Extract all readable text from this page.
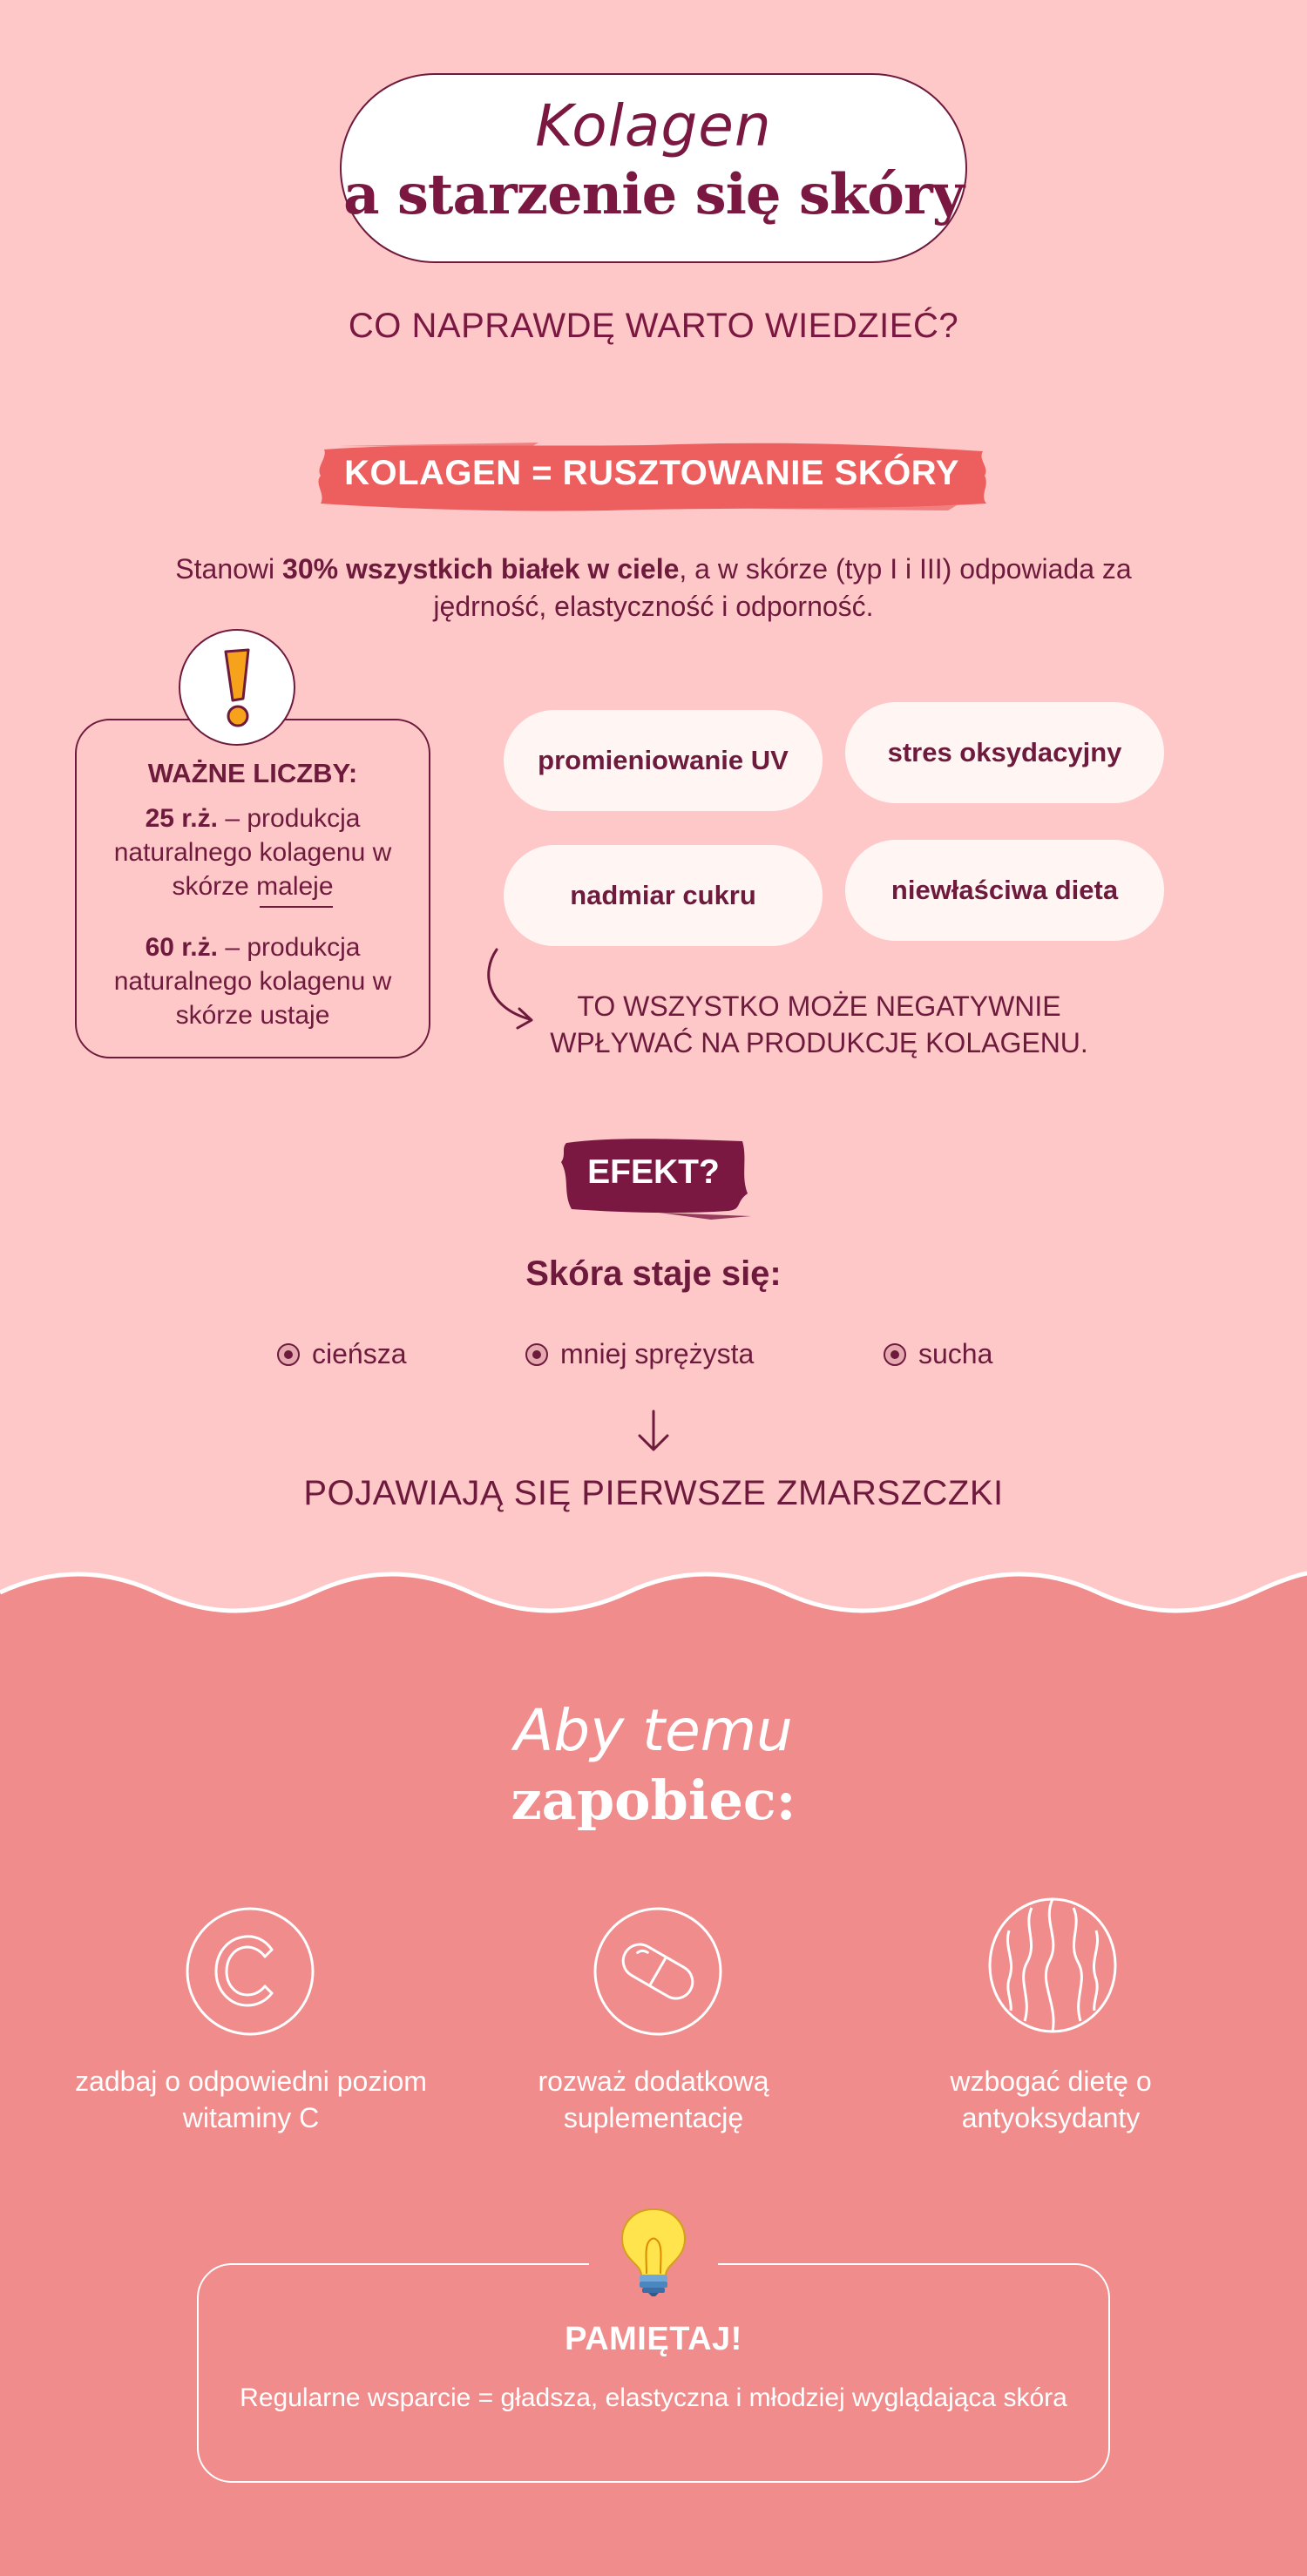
Kolagen
a starzenie się skóry
CO NAPRAWDĘ WARTO WIEDZIEĆ?
KOLAGEN = RUSZTOWANIE SKÓRY
Stanowi 30% wszystkich białek w ciele, a w skórze (typ I i III) odpowiada za jędrność, elastyczność i odporność.
WAŻNE LICZBY:
25 r.ż. – produkcja naturalnego kolagenu w skórze maleje
60 r.ż. – produkcja naturalnego kolagenu w skórze ustaje
promieniowanie UV	stres oksydacyjny
nadmiar cukru	niewłaściwa dieta
TO WSZYSTKO MOŻE NEGATYWNIE WPŁYWAĆ NA PRODUKCJĘ KOLAGENU.
EFEKT?
Skóra staje się:
cieńsza	mniej sprężysta	sucha
POJAWIAJĄ SIĘ PIERWSZE ZMARSZCZKI
Aby temu
zapobiec:
zadbaj o odpowiedni poziom witaminy C
rozważ dodatkową suplementację
wzbogać dietę o antyoksydanty
PAMIĘTAJ!
Regularne wsparcie = gładsza, elastyczna i młodziej wyglądająca skóra
